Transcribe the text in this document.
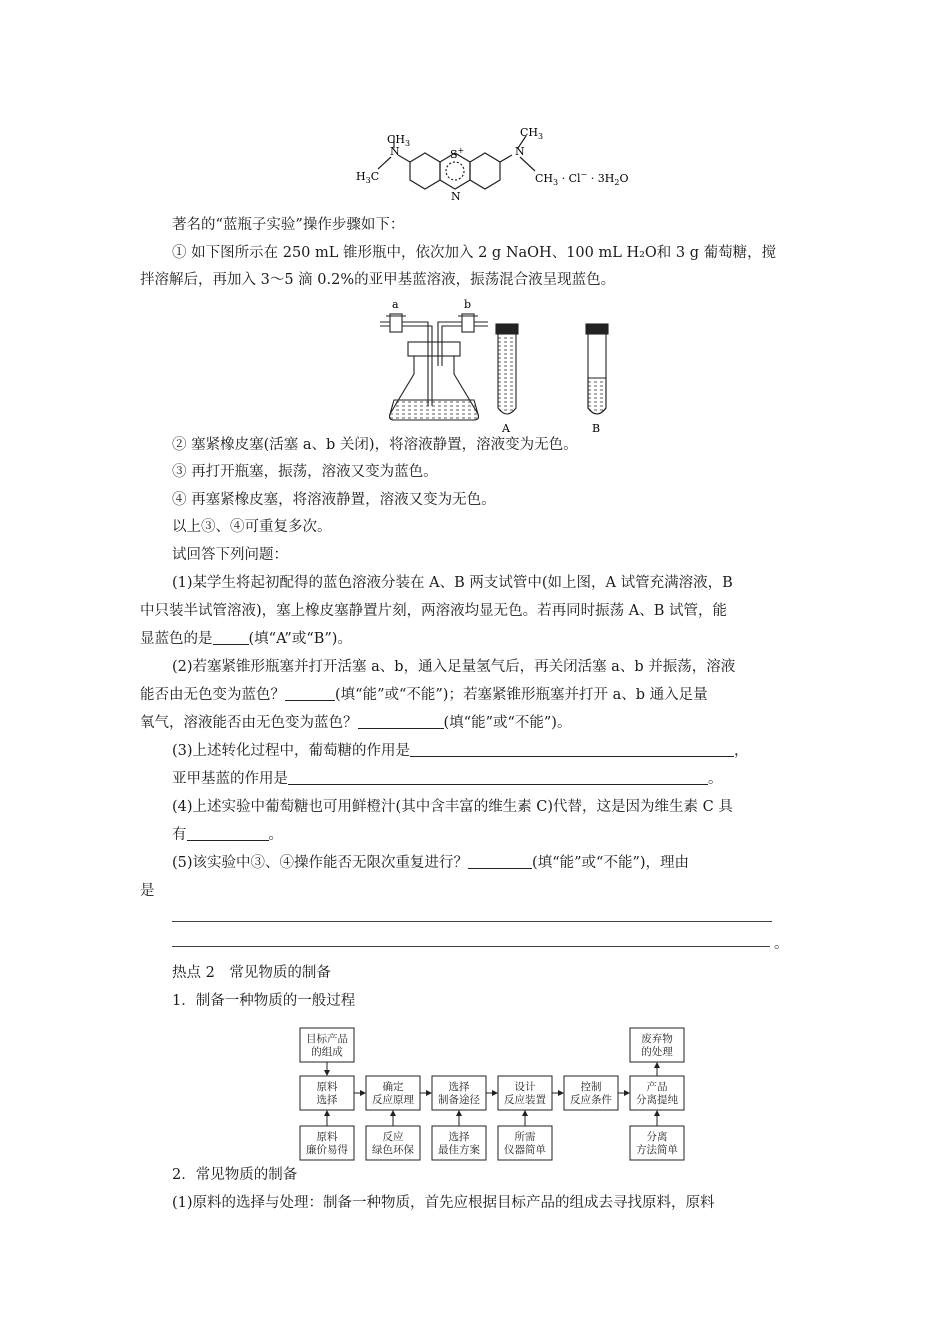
$CH_3$
N
$H_3C$
S+
N
N
$CH_3$
$CH_3 \cdot Cl^- \cdot 3H_2O$
著名的“蓝瓶子实验”操作步骤如下：
① 如下图所示在 250 mL 锥形瓶中，依次加入 2 g NaOH、100 mL H₂O和 3 g 葡萄糖，搅
拌溶解后，再加入 3～5 滴 0.2%的亚甲基蓝溶液，振荡混合液呈现蓝色。
a	b
A	B
② 塞紧橡皮塞(活塞 a、b 关闭)，将溶液静置，溶液变为无色。
③ 再打开瓶塞，振荡，溶液又变为蓝色。
④ 再塞紧橡皮塞，将溶液静置，溶液又变为无色。
以上③、④可重复多次。
试回答下列问题：
(1)某学生将起初配得的蓝色溶液分装在 A、B 两支试管中(如上图，A 试管充满溶液，B
中只装半试管溶液)，塞上橡皮塞静置片刻，两溶液均显无色。若再同时振荡 A、B 试管，能
显蓝色的是 (填“A”或“B”)。
(2)若塞紧锥形瓶塞并打开活塞 a、b，通入足量氢气后，再关闭活塞 a、b 并振荡，溶液
能否由无色变为蓝色？	(填“能”或“不能”)；若塞紧锥形瓶塞并打开 a、b 通入足量
氧气，溶液能否由无色变为蓝色？	(填“能”或“不能”)。
(3)上述转化过程中，葡萄糖的作用是	，
亚甲基蓝的作用是	。
(4)上述实验中葡萄糖也可用鲜橙汁(其中含丰富的维生素 C)代替，这是因为维生素 C 具
有	。
(5)该实验中③、④操作能否无限次重复进行？	(填“能”或“不能”)，理由
是
。
热点 2　常见物质的制备
1．制备一种物质的一般过程
原料
选择
确定
反应原理
选择
制备途径
设计
反应装置
控制
反应条件
产品
分离提纯
目标产品
的组成
废弃物
的处理
原料
廉价易得
反应
绿色环保
选择
最佳方案
所需
仪器简单
分离
方法简单
2．常见物质的制备
(1)原料的选择与处理：制备一种物质，首先应根据目标产品的组成去寻找原料，原料
